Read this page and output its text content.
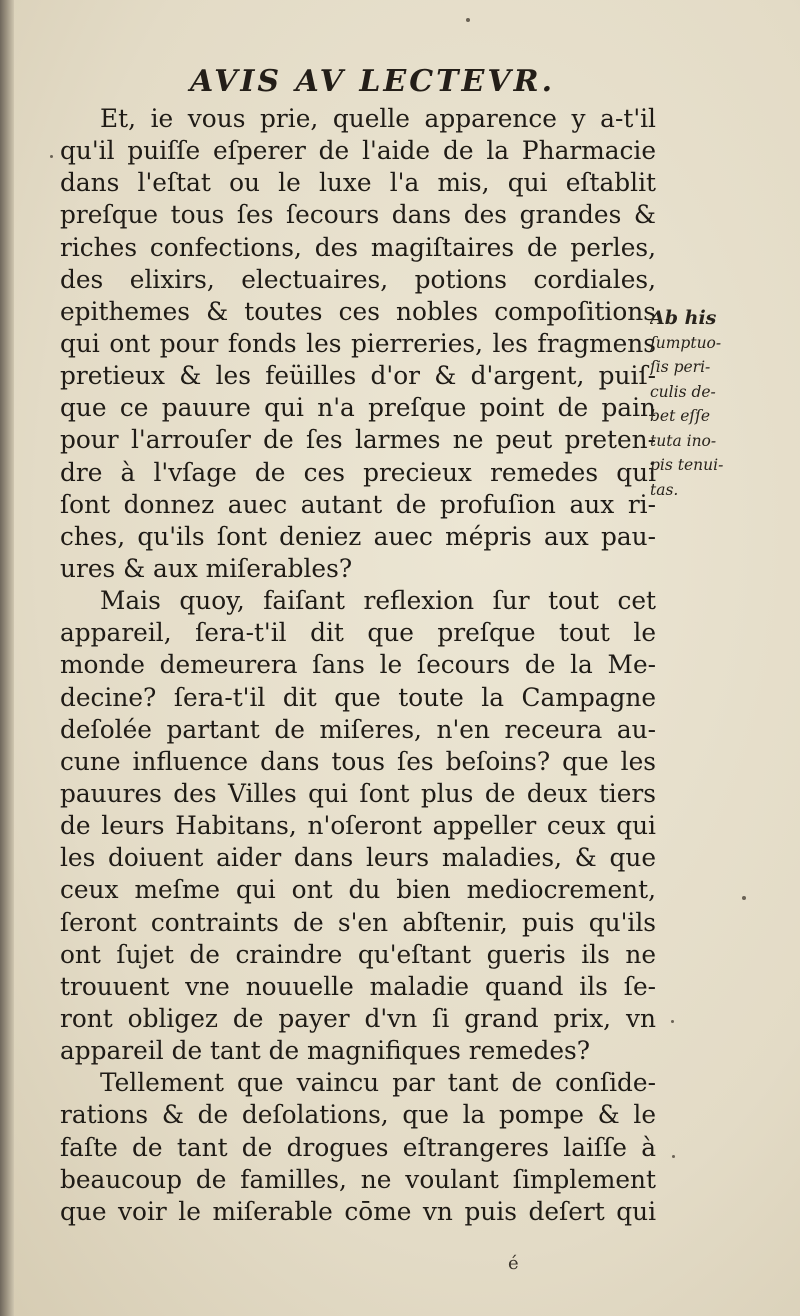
AVIS AV LECTEVR.
Et, ie vous prie, quelle apparence y a-t'il
qu'il puiſſe eſperer de l'aide de la Pharmacie
dans l'eſtat ou le luxe l'a mis, qui eſtablit
preſque tous ſes ſecours dans des grandes &
riches confections, des magiſtaires de perles,
des elixirs, electuaires, potions cordiales,
epithemes & toutes ces nobles compoſitions
qui ont pour fonds les pierreries, les fragmens
pretieux & les feüilles d'or & d'argent, puiſ-
que ce pauure qui n'a preſque point de pain
pour l'arrouſer de ſes larmes ne peut preten-
dre à l'vſage de ces precieux remedes qui
ſont donnez auec autant de profuſion aux ri-
ches, qu'ils ſont deniez auec mépris aux pau-
ures & aux miſerables?
Mais quoy, faiſant reflexion ſur tout cet
appareil, ſera-t'il dit que preſque tout le
monde demeurera ſans le ſecours de la Me-
decine? ſera-t'il dit que toute la Campagne
deſolée partant de miſeres, n'en receura au-
cune influence dans tous ſes beſoins? que les
pauures des Villes qui ſont plus de deux tiers
de leurs Habitans, n'oſeront appeller ceux qui
les doiuent aider dans leurs maladies, & que
ceux meſme qui ont du bien mediocrement,
ſeront contraints de s'en abſtenir, puis qu'ils
ont ſujet de craindre qu'eſtant gueris ils ne
trouuent vne nouuelle maladie quand ils ſe-
ront obligez de payer d'vn ſi grand prix, vn
appareil de tant de magnifiques remedes?
Tellement que vaincu par tant de conſide-
rations & de deſolations, que la pompe & le
faſte de tant de drogues eſtrangeres laiſſe à
beaucoup de familles, ne voulant ſimplement
que voir le miſerable cōme vn puis deſert qui
Ab his
ſumptuo-
ſis peri-
culis de-
bet eſſe
tuta ino-
pis tenui-
tas.
é
